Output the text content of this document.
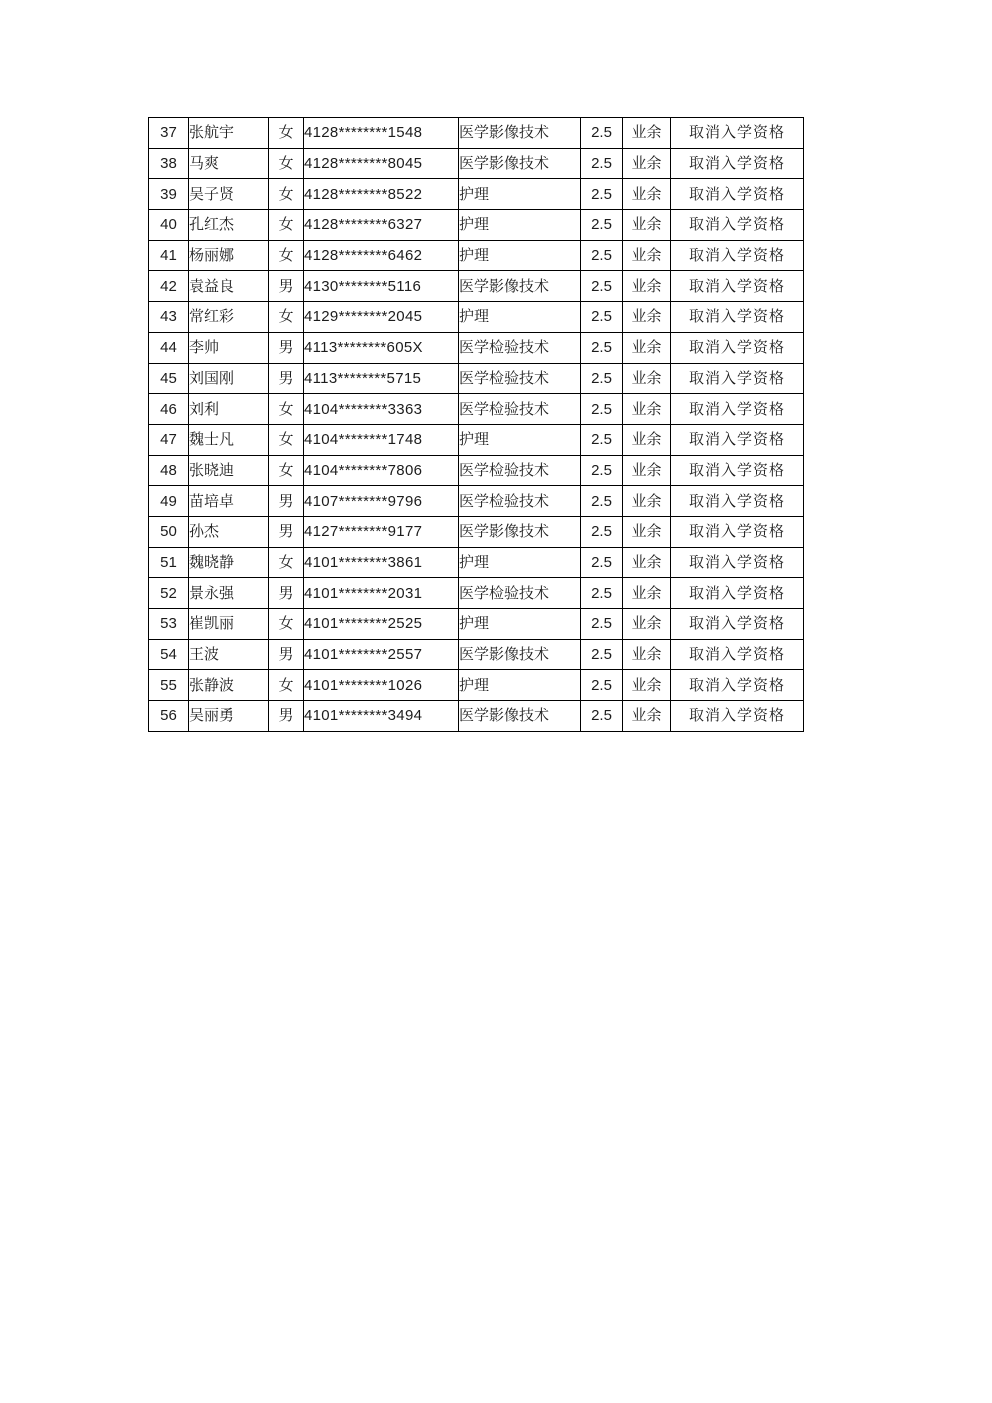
37	张航宇	女	4128********1548	医学影像技术	2.5	业余	取消入学资格
38	马爽	女	4128********8045	医学影像技术	2.5	业余	取消入学资格
39	吴子贤	女	4128********8522	护理	2.5	业余	取消入学资格
40	孔红杰	女	4128********6327	护理	2.5	业余	取消入学资格
41	杨丽娜	女	4128********6462	护理	2.5	业余	取消入学资格
42	袁益良	男	4130********5116	医学影像技术	2.5	业余	取消入学资格
43	常红彩	女	4129********2045	护理	2.5	业余	取消入学资格
44	李帅	男	4113********605X	医学检验技术	2.5	业余	取消入学资格
45	刘国刚	男	4113********5715	医学检验技术	2.5	业余	取消入学资格
46	刘利	女	4104********3363	医学检验技术	2.5	业余	取消入学资格
47	魏士凡	女	4104********1748	护理	2.5	业余	取消入学资格
48	张晓迪	女	4104********7806	医学检验技术	2.5	业余	取消入学资格
49	苗培卓	男	4107********9796	医学检验技术	2.5	业余	取消入学资格
50	孙杰	男	4127********9177	医学影像技术	2.5	业余	取消入学资格
51	魏晓静	女	4101********3861	护理	2.5	业余	取消入学资格
52	景永强	男	4101********2031	医学检验技术	2.5	业余	取消入学资格
53	崔凯丽	女	4101********2525	护理	2.5	业余	取消入学资格
54	王波	男	4101********2557	医学影像技术	2.5	业余	取消入学资格
55	张静波	女	4101********1026	护理	2.5	业余	取消入学资格
56	吴丽勇	男	4101********3494	医学影像技术	2.5	业余	取消入学资格
